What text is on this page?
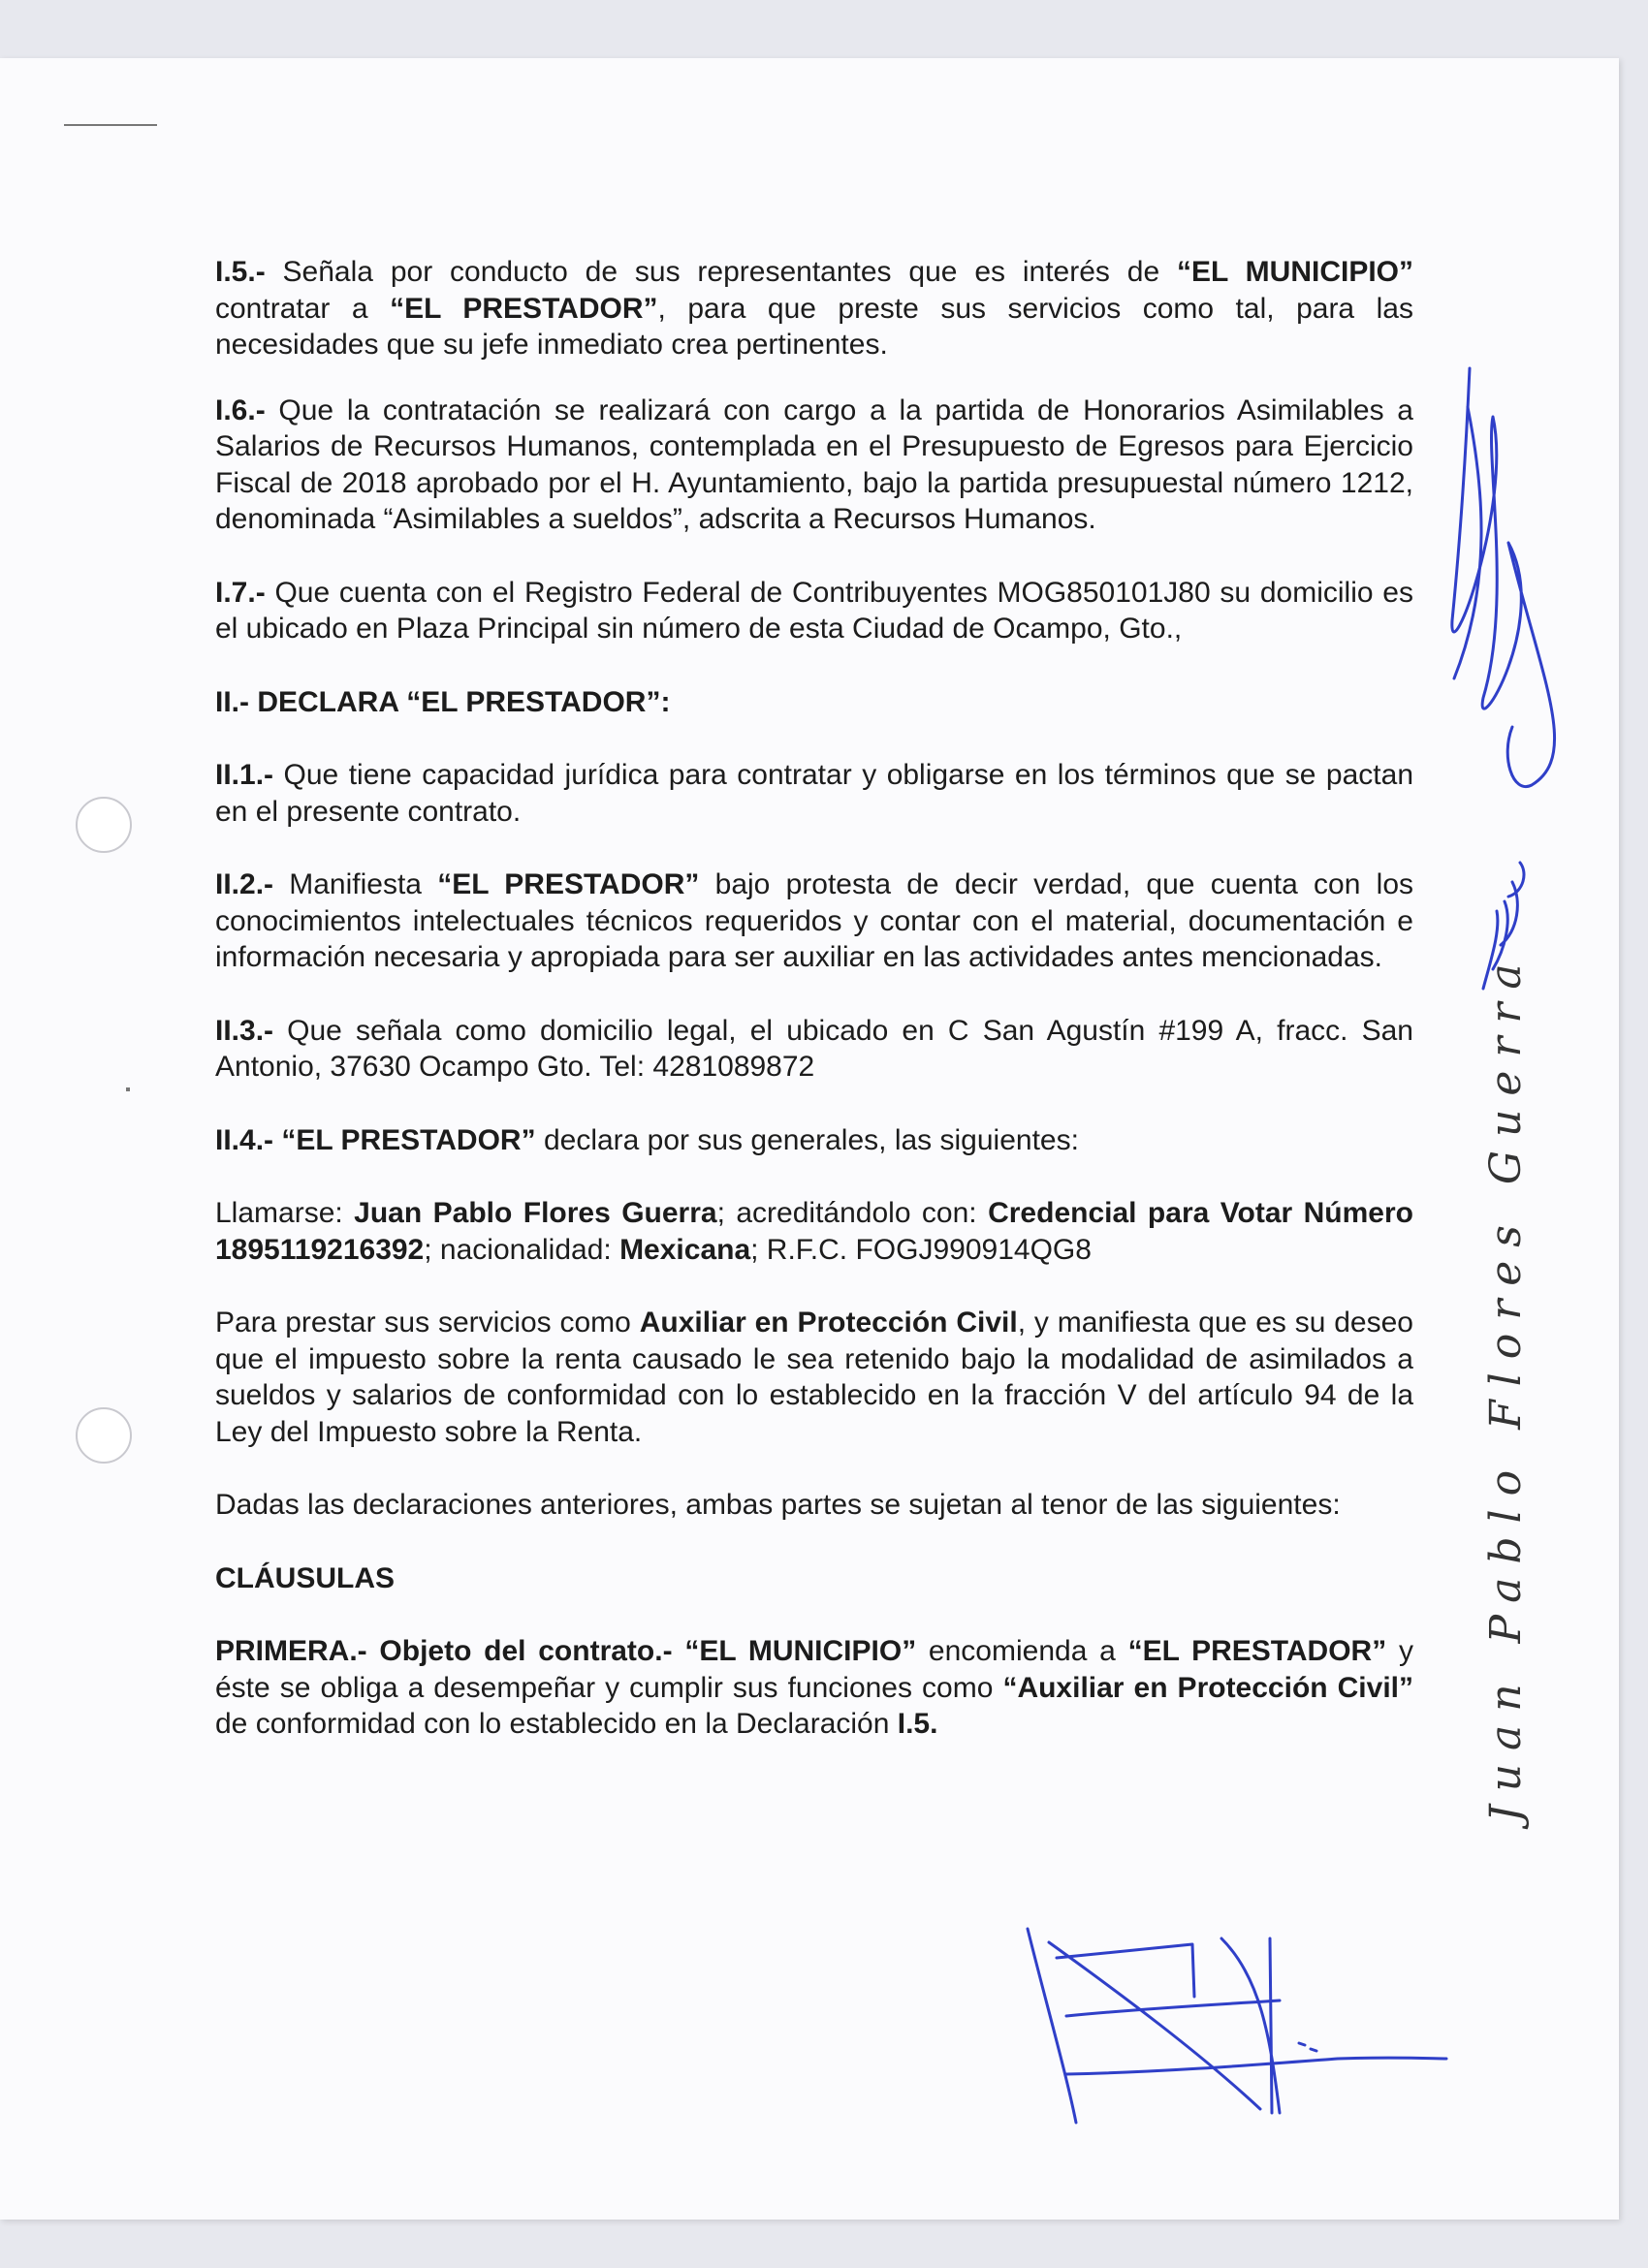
I.5.- Señala por conducto de sus representantes que es interés de “EL MUNICIPIO” contratar a “EL PRESTADOR”, para que preste sus servicios como tal, para las necesidades que su jefe inmediato crea pertinentes.

I.6.- Que la contratación se realizará con cargo a la partida de Honorarios Asimilables a Salarios de Recursos Humanos, contemplada en el Presupuesto de Egresos para Ejercicio Fiscal de 2018 aprobado por el H. Ayuntamiento, bajo la partida presupuestal número 1212, denominada “Asimilables a sueldos”, adscrita a Recursos Humanos.

I.7.- Que cuenta con el Registro Federal de Contribuyentes MOG850101J80 su domicilio es el ubicado en Plaza Principal sin número de esta Ciudad de Ocampo, Gto.,

II.- DECLARA “EL PRESTADOR”:

II.1.- Que tiene capacidad jurídica para contratar y obligarse en los términos que se pactan en el presente contrato.

II.2.- Manifiesta “EL PRESTADOR” bajo protesta de decir verdad, que cuenta con los conocimientos intelectuales técnicos requeridos y contar con el material, documentación e información necesaria y apropiada para ser auxiliar en las actividades antes mencionadas.

II.3.- Que señala como domicilio legal, el ubicado en C San Agustín #199 A, fracc. San Antonio, 37630 Ocampo Gto. Tel: 4281089872

II.4.- “EL PRESTADOR” declara por sus generales, las siguientes:

Llamarse: Juan Pablo Flores Guerra; acreditándolo con: Credencial para Votar Número 1895119216392; nacionalidad: Mexicana; R.F.C. FOGJ990914QG8

Para prestar sus servicios como Auxiliar en Protección Civil, y manifiesta que es su deseo que el impuesto sobre la renta causado le sea retenido bajo la modalidad de asimilados a sueldos y salarios de conformidad con lo establecido en la fracción V del artículo 94 de la Ley del Impuesto sobre la Renta.

Dadas las declaraciones anteriores, ambas partes se sujetan al tenor de las siguientes:

CLÁUSULAS

PRIMERA.- Objeto del contrato.- “EL MUNICIPIO” encomienda a “EL PRESTADOR” y éste se obliga a desempeñar y cumplir sus funciones como “Auxiliar en Protección Civil” de conformidad con lo establecido en la Declaración I.5.	Juan Pablo Flores Guerra
